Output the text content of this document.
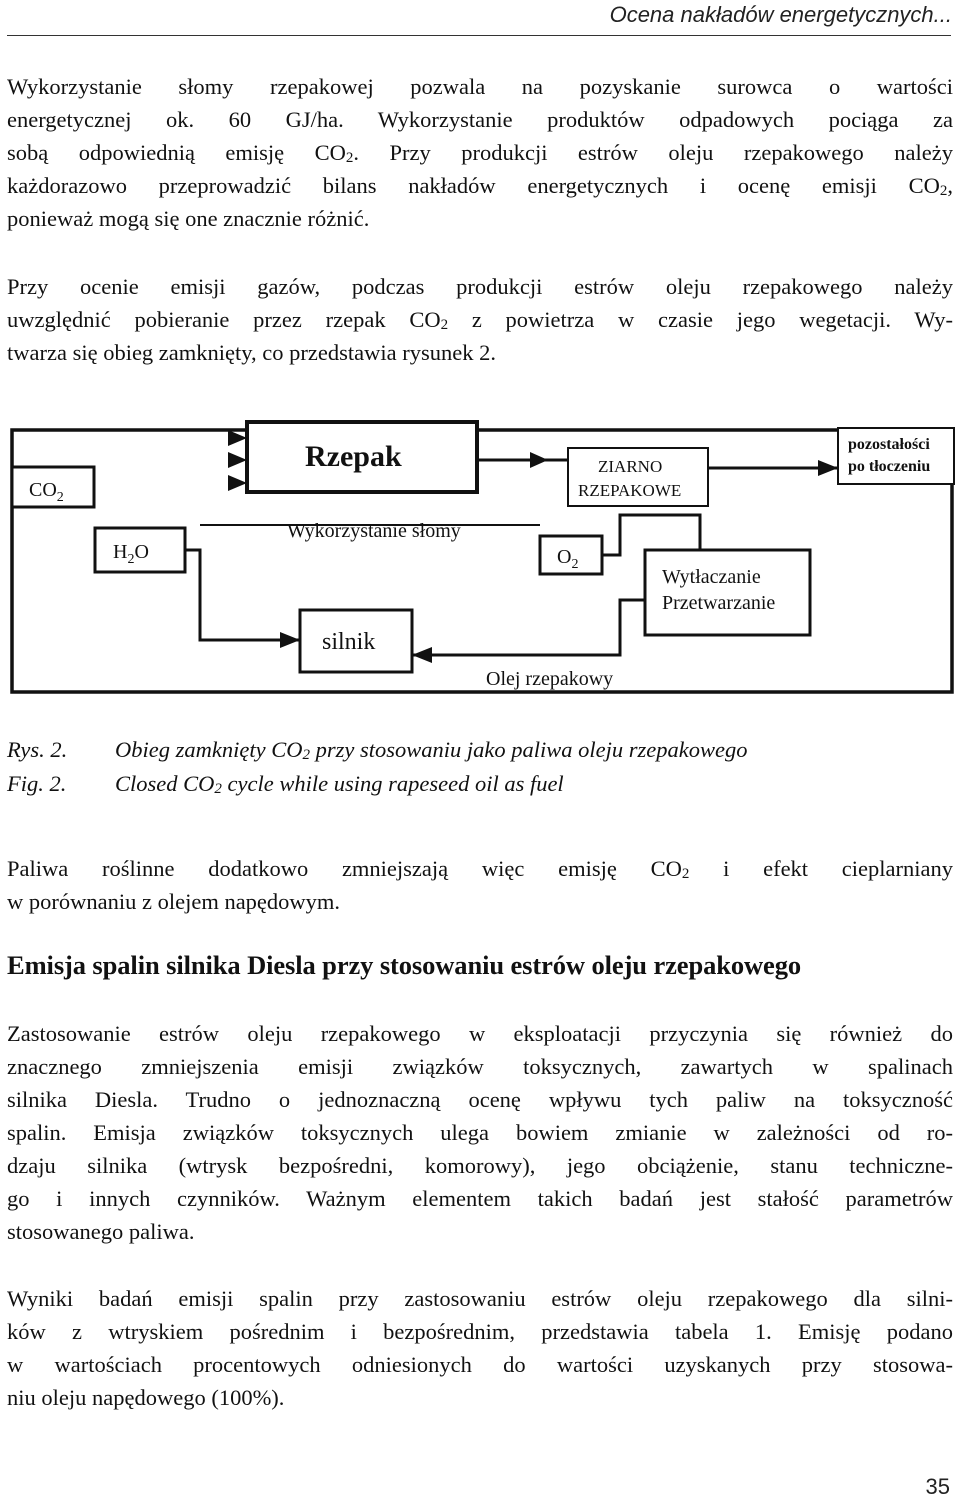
Ocena nakładów energetycznych...
Wykorzystanie słomy rzepakowej pozwala na pozyskanie surowca o wartości
energetycznej ok. 60 GJ/ha. Wykorzystanie produktów odpadowych pociąga za
sobą odpowiednią emisję $CO_2$. Przy produkcji estrów oleju rzepakowego należy
każdorazowo przeprowadzić bilans nakładów energetycznych i ocenę emisji $CO_2$,
ponieważ mogą się one znacznie różnić.
Przy ocenie emisji gazów, podczas produkcji estrów oleju rzepakowego należy
uwzględnić pobieranie przez rzepak $CO_2$ z powietrza w czasie jego wegetacji. Wy-
twarza się obieg zamknięty, co przedstawia rysunek 2.
Rzepak	ZIARNO
RZEPAKOWE
pozostałości
po tłoczeniu
$CO_2$
$H_2O$	$O_2$
Wykorzystanie słomy
Wytłaczanie
Przetwarzanie
silnik
Olej rzepakowy
Rys. 2. Obieg zamknięty $CO_2$ przy stosowaniu jako paliwa oleju rzepakowego
Fig. 2. Closed $CO_2$ cycle while using rapeseed oil as fuel
Paliwa roślinne dodatkowo zmniejszają więc emisję $CO_2$ i efekt cieplarniany
w porównaniu z olejem napędowym.
Emisja spalin silnika Diesla przy stosowaniu estrów oleju rzepakowego
Zastosowanie estrów oleju rzepakowego w eksploatacji przyczynia się również do
znacznego zmniejszenia emisji związków toksycznych, zawartych w spalinach
silnika Diesla. Trudno o jednoznaczną ocenę wpływu tych paliw na toksyczność
spalin. Emisja związków toksycznych ulega bowiem zmianie w zależności od ro-
dzaju silnika (wtrysk bezpośredni, komorowy), jego obciążenie, stanu techniczne-
go i innych czynników. Ważnym elementem takich badań jest stałość parametrów
stosowanego paliwa.
Wyniki badań emisji spalin przy zastosowaniu estrów oleju rzepakowego dla silni-
ków z wtryskiem pośrednim i bezpośrednim, przedstawia tabela 1. Emisję podano
w wartościach procentowych odniesionych do wartości uzyskanych przy stosowa-
niu oleju napędowego (100%).
35
